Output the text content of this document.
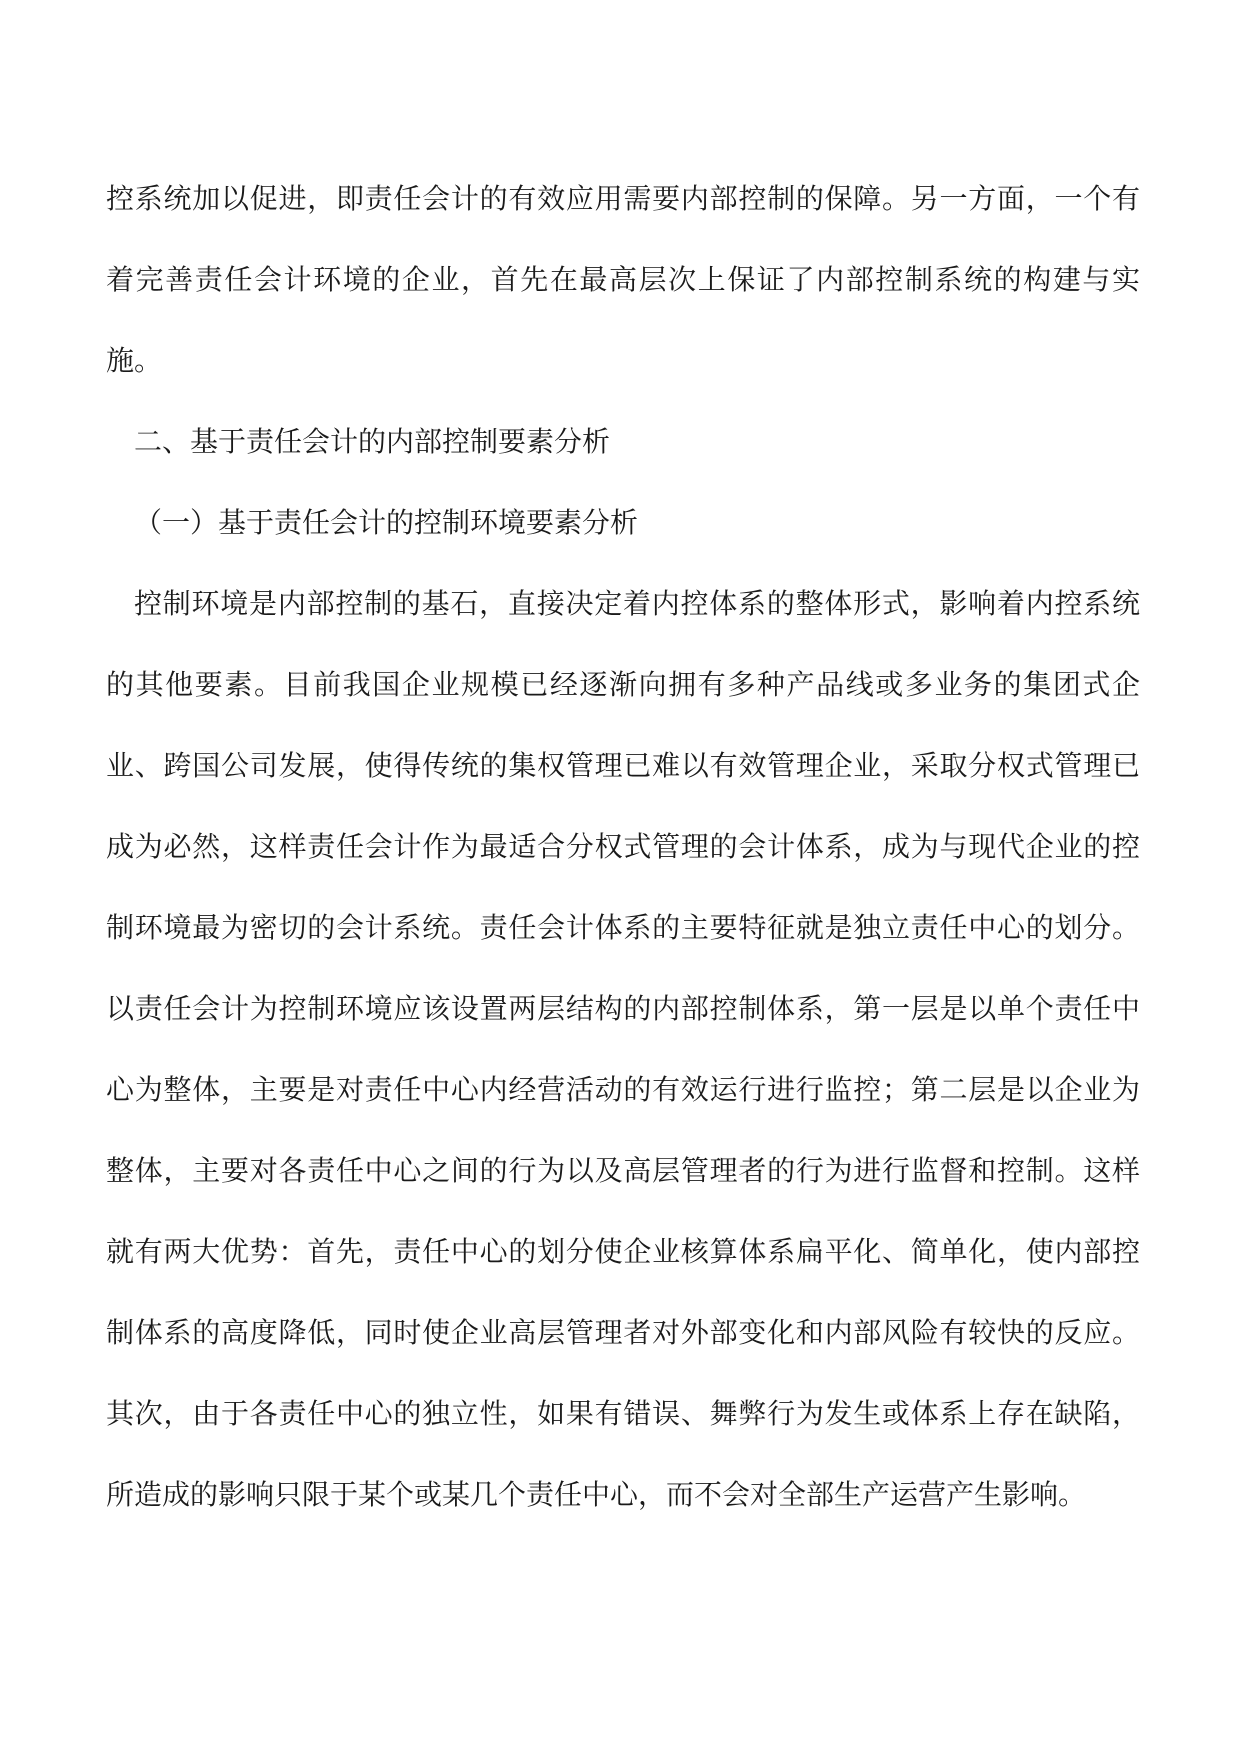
控系统加以促进，即责任会计的有效应用需要内部控制的保障。另一方面，一个有着完善责任会计环境的企业，首先在最高层次上保证了内部控制系统的构建与实施。

二、基于责任会计的内部控制要素分析

（一）基于责任会计的控制环境要素分析

控制环境是内部控制的基石，直接决定着内控体系的整体形式，影响着内控系统的其他要素。目前我国企业规模已经逐渐向拥有多种产品线或多业务的集团式企业、跨国公司发展，使得传统的集权管理已难以有效管理企业，采取分权式管理已成为必然，这样责任会计作为最适合分权式管理的会计体系，成为与现代企业的控制环境最为密切的会计系统。责任会计体系的主要特征就是独立责任中心的划分。以责任会计为控制环境应该设置两层结构的内部控制体系，第一层是以单个责任中心为整体，主要是对责任中心内经营活动的有效运行进行监控；第二层是以企业为整体，主要对各责任中心之间的行为以及高层管理者的行为进行监督和控制。这样就有两大优势：首先，责任中心的划分使企业核算体系扁平化、简单化，使内部控制体系的高度降低，同时使企业高层管理者对外部变化和内部风险有较快的反应。其次，由于各责任中心的独立性，如果有错误、舞弊行为发生或体系上存在缺陷，所造成的影响只限于某个或某几个责任中心，而不会对全部生产运营产生影响。
